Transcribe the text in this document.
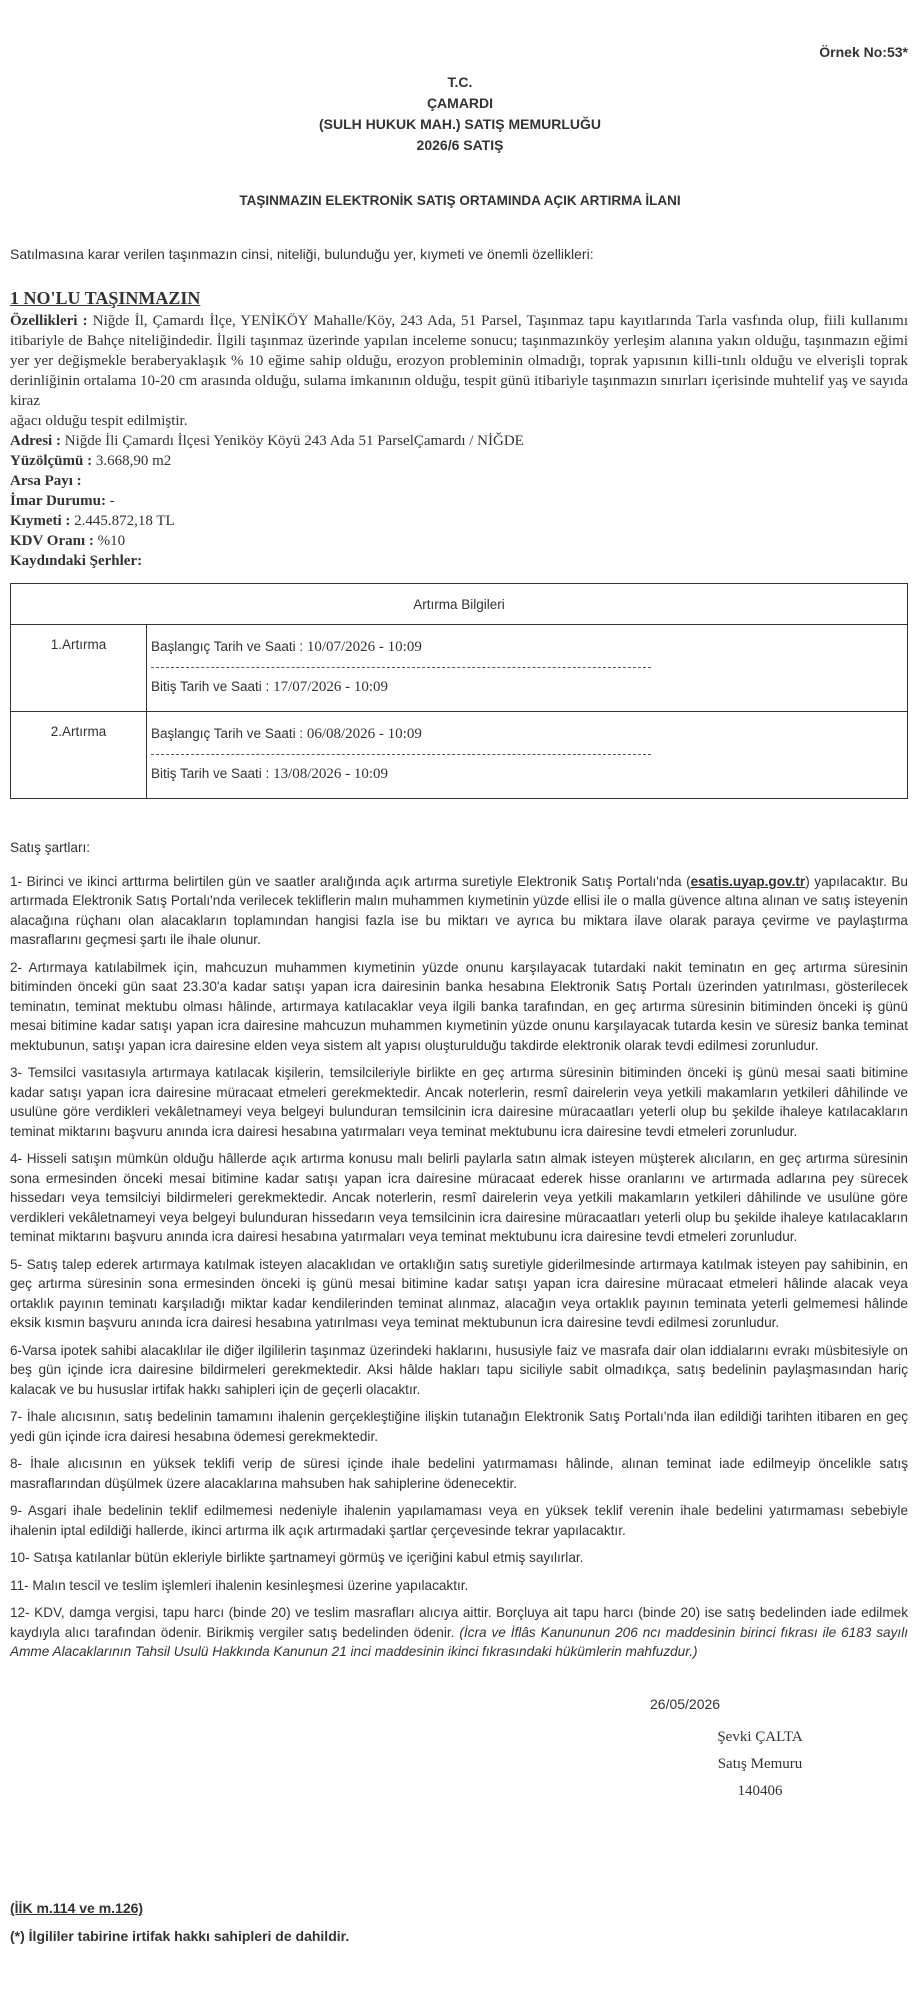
Örnek No:53*
T.C.
ÇAMARDI
(SULH HUKUK MAH.) SATIŞ MEMURLUĞU
2026/6 SATIŞ
TAŞINMAZIN ELEKTRONİK SATIŞ ORTAMINDA AÇIK ARTIRMA İLANI
Satılmasına karar verilen taşınmazın cinsi, niteliği, bulunduğu yer, kıymeti ve önemli özellikleri:
1 NO'LU TAŞINMAZIN

Özellikleri : Niğde İl, Çamardı İlçe, YENİKÖY Mahalle/Köy, 243 Ada, 51 Parsel, Taşınmaz tapu kayıtlarında Tarla vasfında olup, fiili kullanımı itibariyle de Bahçe niteliğindedir. İlgili taşınmaz üzerinde yapılan inceleme sonucu; taşınmazınköy yerleşim alanına yakın olduğu, taşınmazın eğimi yer yer değişmekle beraberyaklaşık % 10 eğime sahip olduğu, erozyon probleminin olmadığı, toprak yapısının killi-tınlı olduğu ve elverişli toprak derinliğinin ortalama 10-20 cm arasında olduğu, sulama imkanının olduğu, tespit günü itibariyle taşınmazın sınırları içerisinde muhtelif yaş ve sayıda kiraz

ağacı olduğu tespit edilmiştir.

Adresi : Niğde İli Çamardı İlçesi Yeniköy Köyü 243 Ada 51 ParselÇamardı / NİĞDE

Yüzölçümü : 3.668,90 m2

Arsa Payı :

İmar Durumu: -

Kıymeti : 2.445.872,18 TL

KDV Oranı : %10

Kaydındaki Şerhler:

Artırma Bilgileri	
1.Artırma	Başlangıç Tarih ve Saati : 10/07/2026 - 10:09
Bitiş Tarih ve Saati : 17/07/2026 - 10:09

2.Artırma	Başlangıç Tarih ve Saati : 06/08/2026 - 10:09
Bitiş Tarih ve Saati : 13/08/2026 - 10:09

Satış şartları:

1- Birinci ve ikinci arttırma belirtilen gün ve saatler aralığında açık artırma suretiyle Elektronik Satış Portalı'nda (esatis.uyap.gov.tr) yapılacaktır. Bu artırmada Elektronik Satış Portalı'nda verilecek tekliflerin malın muhammen kıymetinin yüzde ellisi ile o malla güvence altına alınan ve satış isteyenin alacağına rüçhanı olan alacakların toplamından hangisi fazla ise bu miktarı ve ayrıca bu miktara ilave olarak paraya çevirme ve paylaştırma masraflarını geçmesi şartı ile ihale olunur.

2- Artırmaya katılabilmek için, mahcuzun muhammen kıymetinin yüzde onunu karşılayacak tutardaki nakit teminatın en geç artırma süresinin bitiminden önceki gün saat 23.30'a kadar satışı yapan icra dairesinin banka hesabına Elektronik Satış Portalı üzerinden yatırılması, gösterilecek teminatın, teminat mektubu olması hâlinde, artırmaya katılacaklar veya ilgili banka tarafından, en geç artırma süresinin bitiminden önceki iş günü mesai bitimine kadar satışı yapan icra dairesine mahcuzun muhammen kıymetinin yüzde onunu karşılayacak tutarda kesin ve süresiz banka teminat mektubunun, satışı yapan icra dairesine elden veya sistem alt yapısı oluşturulduğu takdirde elektronik olarak tevdi edilmesi zorunludur.

3- Temsilci vasıtasıyla artırmaya katılacak kişilerin, temsilcileriyle birlikte en geç artırma süresinin bitiminden önceki iş günü mesai saati bitimine kadar satışı yapan icra dairesine müracaat etmeleri gerekmektedir. Ancak noterlerin, resmî dairelerin veya yetkili makamların yetkileri dâhilinde ve usulüne göre verdikleri vekâletnameyi veya belgeyi bulunduran temsilcinin icra dairesine müracaatları yeterli olup bu şekilde ihaleye katılacakların teminat miktarını başvuru anında icra dairesi hesabına yatırmaları veya teminat mektubunu icra dairesine tevdi etmeleri zorunludur.

4- Hisseli satışın mümkün olduğu hâllerde açık artırma konusu malı belirli paylarla satın almak isteyen müşterek alıcıların, en geç artırma süresinin sona ermesinden önceki mesai bitimine kadar satışı yapan icra dairesine müracaat ederek hisse oranlarını ve artırmada adlarına pey sürecek hissedarı veya temsilciyi bildirmeleri gerekmektedir. Ancak noterlerin, resmî dairelerin veya yetkili makamların yetkileri dâhilinde ve usulüne göre verdikleri vekâletnameyi veya belgeyi bulunduran hissedarın veya temsilcinin icra dairesine müracaatları yeterli olup bu şekilde ihaleye katılacakların teminat miktarını başvuru anında icra dairesi hesabına yatırmaları veya teminat mektubunu icra dairesine tevdi etmeleri zorunludur.

5- Satış talep ederek artırmaya katılmak isteyen alacaklıdan ve ortaklığın satış suretiyle giderilmesinde artırmaya katılmak isteyen pay sahibinin, en geç artırma süresinin sona ermesinden önceki iş günü mesai bitimine kadar satışı yapan icra dairesine müracaat etmeleri hâlinde alacak veya ortaklık payının teminatı karşıladığı miktar kadar kendilerinden teminat alınmaz, alacağın veya ortaklık payının teminata yeterli gelmemesi hâlinde eksik kısmın başvuru anında icra dairesi hesabına yatırılması veya teminat mektubunun icra dairesine tevdi edilmesi zorunludur.

6-Varsa ipotek sahibi alacaklılar ile diğer ilgililerin taşınmaz üzerindeki haklarını, hususiyle faiz ve masrafa dair olan iddialarını evrakı müsbitesiyle on beş gün içinde icra dairesine bildirmeleri gerekmektedir. Aksi hâlde hakları tapu siciliyle sabit olmadıkça, satış bedelinin paylaşmasından hariç kalacak ve bu hususlar irtifak hakkı sahipleri için de geçerli olacaktır.

7- İhale alıcısının, satış bedelinin tamamını ihalenin gerçekleştiğine ilişkin tutanağın Elektronik Satış Portalı'nda ilan edildiği tarihten itibaren en geç yedi gün içinde icra dairesi hesabına ödemesi gerekmektedir.

8- İhale alıcısının en yüksek teklifi verip de süresi içinde ihale bedelini yatırmaması hâlinde, alınan teminat iade edilmeyip öncelikle satış masraflarından düşülmek üzere alacaklarına mahsuben hak sahiplerine ödenecektir.

9- Asgari ihale bedelinin teklif edilmemesi nedeniyle ihalenin yapılamaması veya en yüksek teklif verenin ihale bedelini yatırmaması sebebiyle ihalenin iptal edildiği hallerde, ikinci artırma ilk açık artırmadaki şartlar çerçevesinde tekrar yapılacaktır.

10- Satışa katılanlar bütün ekleriyle birlikte şartnameyi görmüş ve içeriğini kabul etmiş sayılırlar.

11- Malın tescil ve teslim işlemleri ihalenin kesinleşmesi üzerine yapılacaktır.

12- KDV, damga vergisi, tapu harcı (binde 20) ve teslim masrafları alıcıya aittir. Borçluya ait tapu harcı (binde 20) ise satış bedelinden iade edilmek kaydıyla alıcı tarafından ödenir. Birikmiş vergiler satış bedelinden ödenir. (İcra ve İflâs Kanununun 206 ncı maddesinin birinci fıkrası ile 6183 sayılı Amme Alacaklarının Tahsil Usulü Hakkında Kanunun 21 inci maddesinin ikinci fıkrasındaki hükümlerin mahfuzdur.)

26/05/2026
Şevki ÇALTA
Satış Memuru
140406
(İİK m.114 ve m.126)
(*) İlgililer tabirine irtifak hakkı sahipleri de dahildir.
